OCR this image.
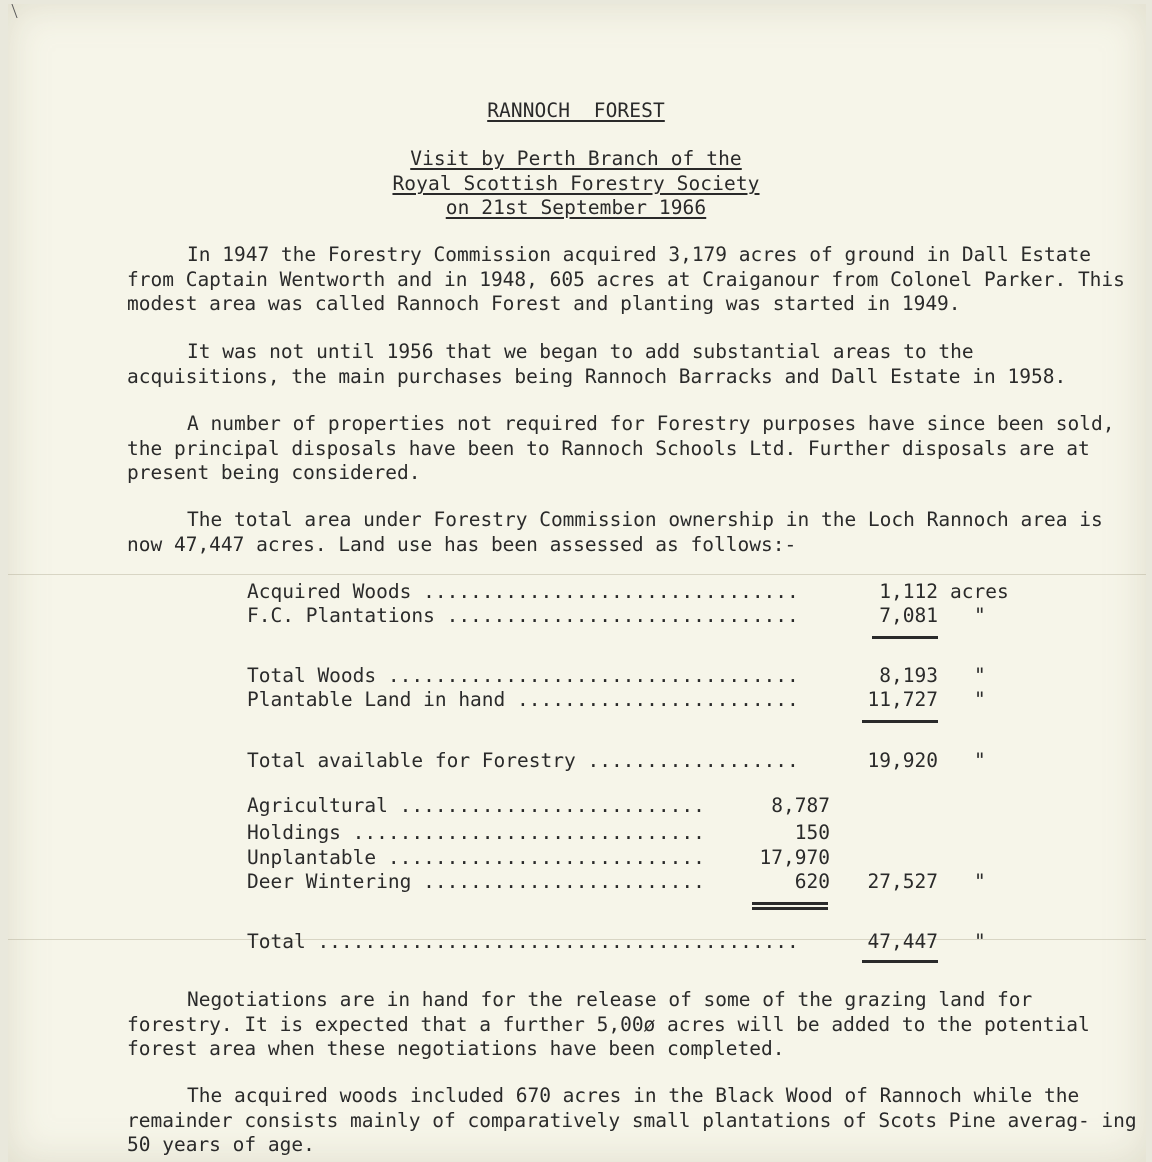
RANNOCH  FOREST
Visit by Perth Branch of the
Royal Scottish Forestry Society
on 21st September 1966
In 1947 the Forestry Commission acquired 3,179 acres of ground in Dall Estate from Captain Wentworth and in 1948, 605 acres at Craiganour from Colonel Parker. This modest area was called Rannoch Forest and planting was started in 1949.
It was not until 1956 that we began to add substantial areas to the acquisitions, the main purchases being Rannoch Barracks and Dall Estate in 1958.
A number of properties not required for Forestry purposes have since been sold, the principal disposals have been to Rannoch Schools Ltd. Further disposals are at present being considered.
The total area under Forestry Commission ownership in the Loch Rannoch area is now 47,447 acres. Land use has been assessed as follows:-
Acquired Woods ................................	1,112 acres
F.C. Plantations ..............................	7,081 "
Total Woods ...................................	8,193 "
Plantable Land in hand ........................	11,727 "
Total available for Forestry ..................	19,920 "
Agricultural ..........................	8,787
Holdings ..............................	150
Unplantable ...........................	17,970
Deer Wintering ........................	620 27,527 "
Total .........................................	47,447 "
Negotiations are in hand for the release of some of the grazing land for forestry. It is expected that a further 5,00ø acres will be added to the potential forest area when these negotiations have been completed.
The acquired woods included 670 acres in the Black Wood of Rannoch while the remainder consists mainly of comparatively small plantations of Scots Pine averag- ing 50 years of age.
